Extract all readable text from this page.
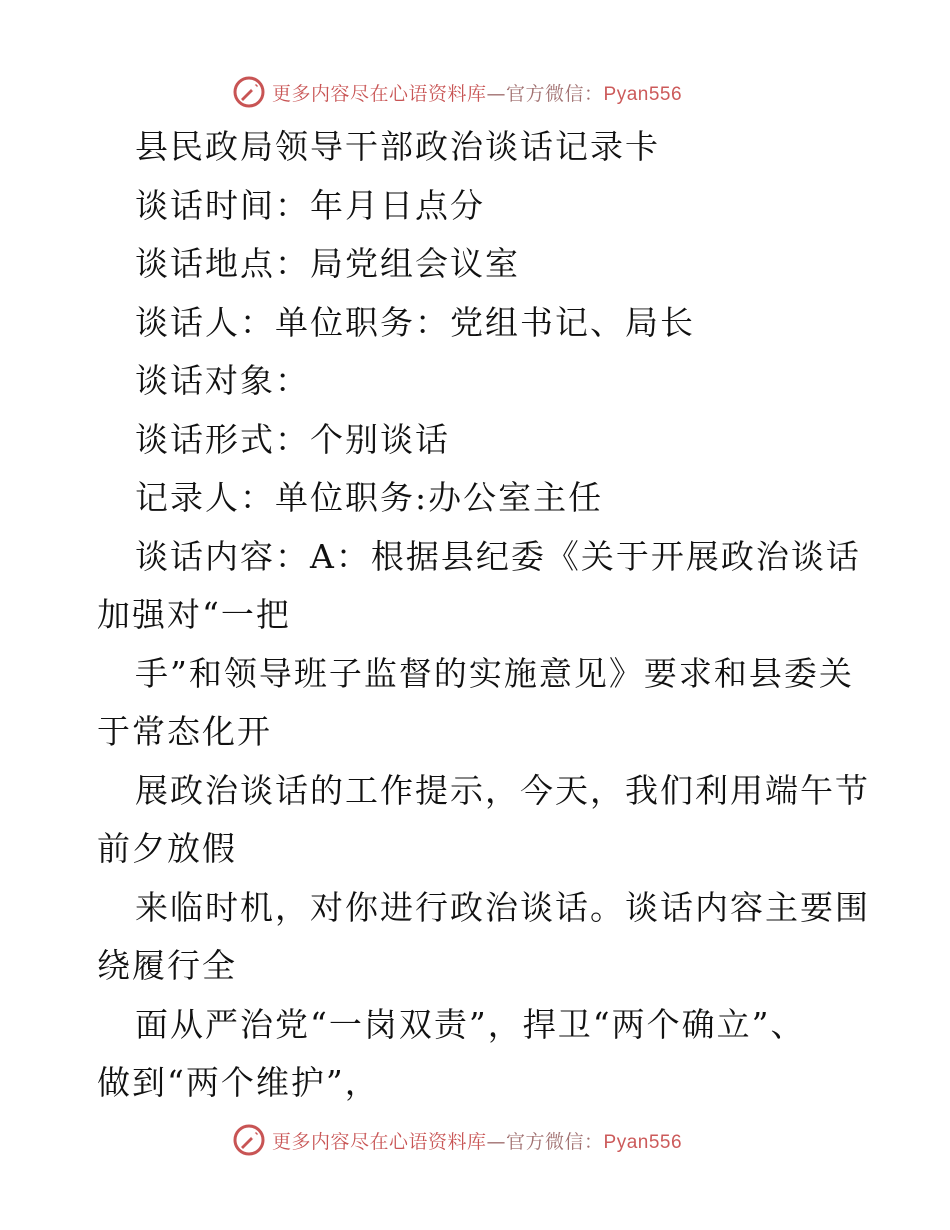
更多内容尽在心语资料库—官方微信：Pyan556

县民政局领导干部政治谈话记录卡

谈话时间：年月日点分

谈话地点：局党组会议室

谈话人：单位职务：党组书记、局长

谈话对象：

谈话形式：个别谈话

记录人：单位职务:办公室主任

谈话内容：A：根据县纪委《关于开展政治谈话

加强对“一把

手”和领导班子监督的实施意见》要求和县委关

于常态化开

展政治谈话的工作提示，今天，我们利用端午节

前夕放假

来临时机，对你进行政治谈话。谈话内容主要围

绕履行全

面从严治党“一岗双责”，捍卫“两个确立”、

做到“两个维护”，

更多内容尽在心语资料库—官方微信：Pyan556
